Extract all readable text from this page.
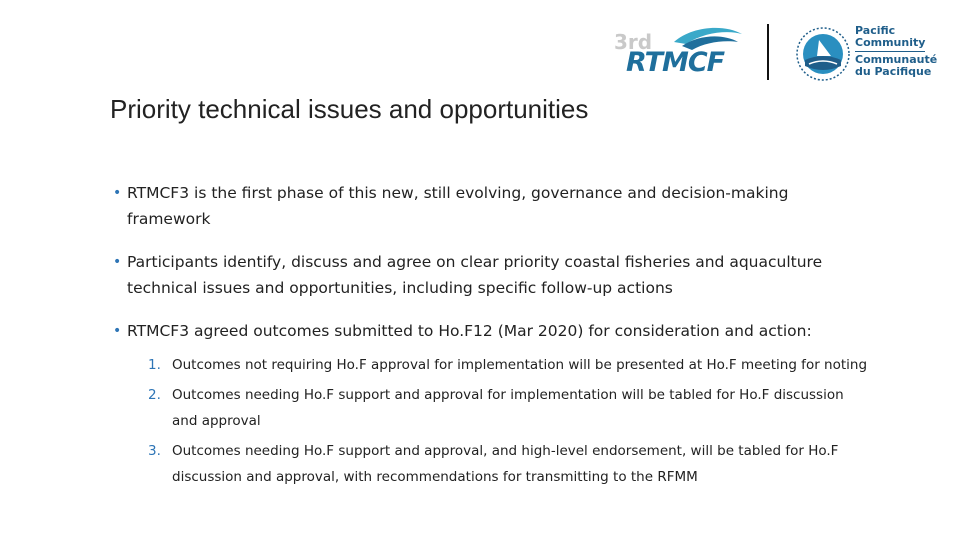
3rd
RTMCF
Pacific
Community
Communauté
du Pacifique
Priority technical issues and opportunities
• RTMCF3 is the first phase of this new, still evolving, governance and decision-making framework
• Participants identify, discuss and agree on clear priority coastal fisheries and aquaculture technical issues and opportunities, including specific follow-up actions
• RTMCF3 agreed outcomes submitted to Ho.F12 (Mar 2020) for consideration and action:
1. Outcomes not requiring Ho.F approval for implementation will be presented at Ho.F meeting for noting
2. Outcomes needing Ho.F support and approval for implementation will be tabled for Ho.F discussion and approval
3. Outcomes needing Ho.F support and approval, and high-level endorsement, will be tabled for Ho.F discussion and approval, with recommendations for transmitting to the RFMM
